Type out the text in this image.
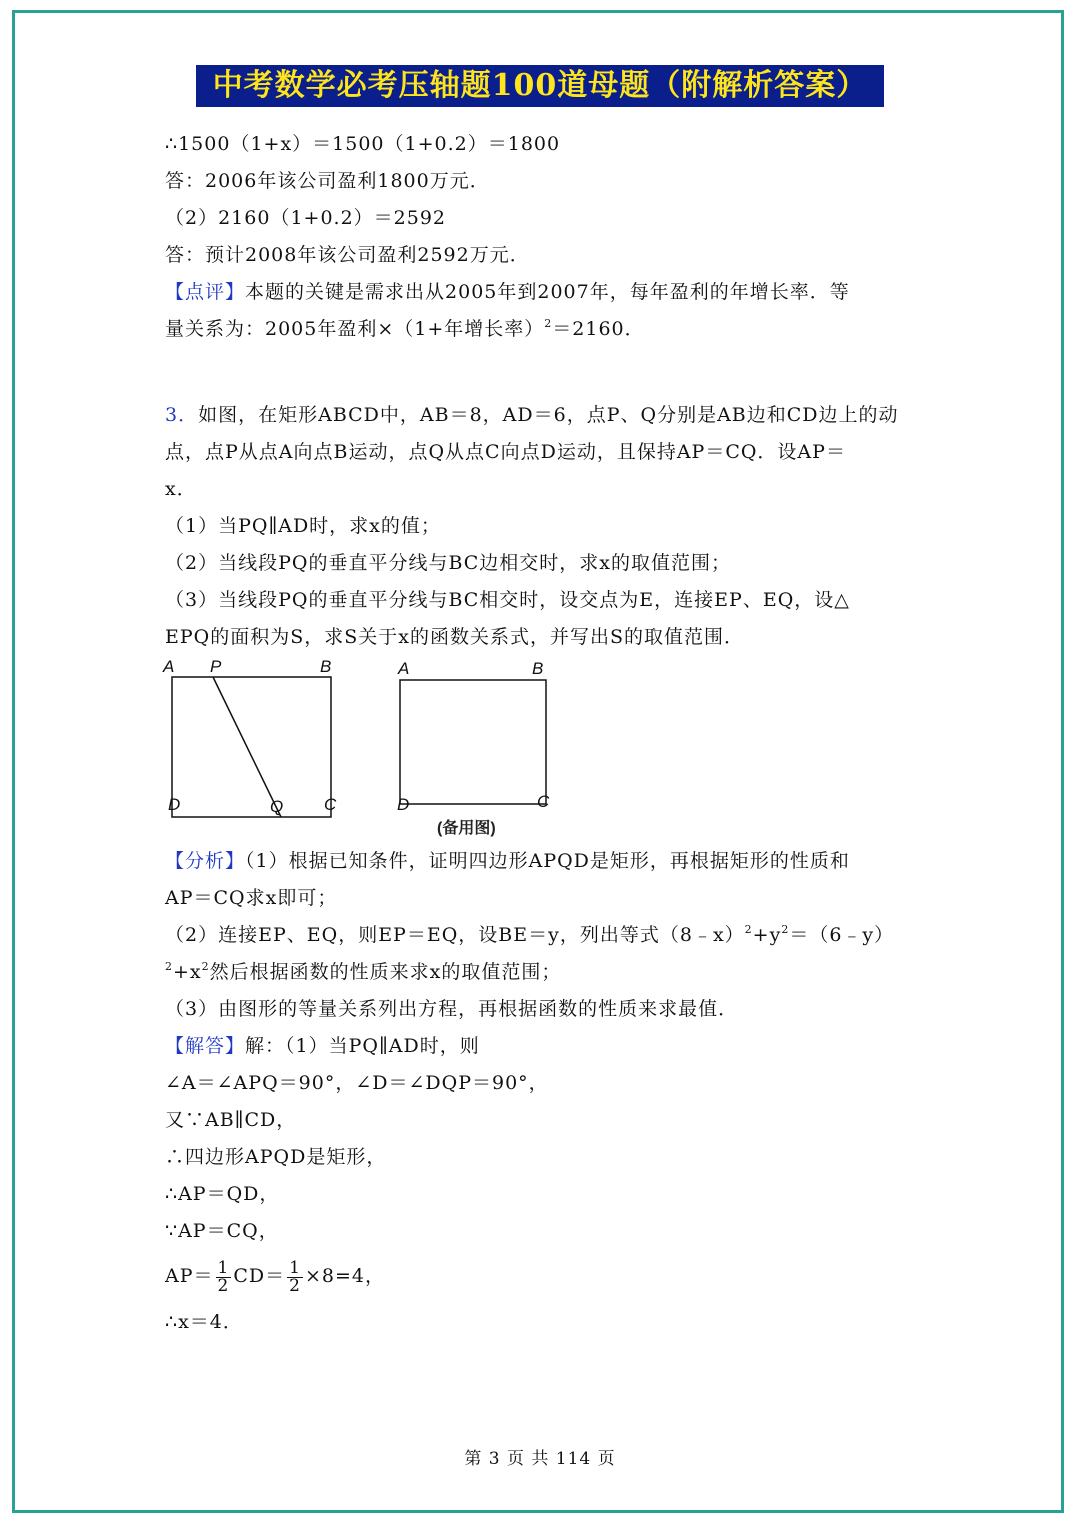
中考数学必考压轴题100道母题（附解析答案）
∴1500（1+x）＝1500（1+0.2）＝1800
答：2006年该公司盈利1800万元．
（2）2160（1+0.2）＝2592
答：预计2008年该公司盈利2592万元．
【点评】本题的关键是需求出从2005年到2007年，每年盈利的年增长率．等
量关系为：2005年盈利×（1+年增长率）$^2$＝2160．
3．如图，在矩形ABCD中，AB＝8，AD＝6，点P、Q分别是AB边和CD边上的动
点，点P从点A向点B运动，点Q从点C向点D运动，且保持AP＝CQ．设AP＝
x．
（1）当PQ∥AD时，求x的值；
（2）当线段PQ的垂直平分线与BC边相交时，求x的取值范围；
（3）当线段PQ的垂直平分线与BC相交时，设交点为E，连接EP、EQ，设△
EPQ的面积为S，求S关于x的函数关系式，并写出S的取值范围．
A P	B
D	Q C
A	B
D	C
(备用图)
【分析】（1）根据已知条件，证明四边形APQD是矩形，再根据矩形的性质和
AP＝CQ求x即可；
（2）连接EP、EQ，则EP＝EQ，设BE＝y，列出等式$(8﹣x)^2+y^2=(6﹣y)$
$^2+x^2$然后根据函数的性质来求x的取值范围；
（3）由图形的等量关系列出方程，再根据函数的性质来求最值．
【解答】解：（1）当PQ∥AD时，则
∠A＝∠APQ＝90°，∠D＝∠DQP＝90°，
又∵AB∥CD，
∴四边形APQD是矩形，
∴AP＝QD，
∵AP＝CQ，
$AP= \frac{1}{2} CD= \frac{1}{2} \times 8=4$，
∴x＝4．
第 3 页 共 114 页
